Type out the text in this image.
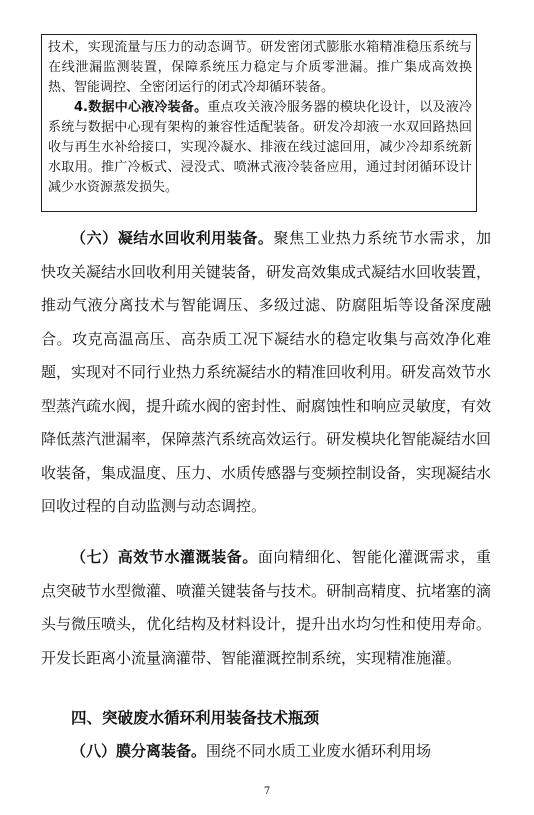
技术，实现流量与压力的动态调节。研发密闭式膨胀水箱精准稳压系统与在线泄漏监测装置，保障系统压力稳定与介质零泄漏。推广集成高效换热、智能调控、全密闭运行的闭式冷却循环装备。

4.数据中心液冷装备。重点攻关液冷服务器的模块化设计，以及液冷系统与数据中心现有架构的兼容性适配装备。研发冷却液一水双回路热回收与再生水补给接口，实现冷凝水、排液在线过滤回用，减少冷却系统新水取用。推广冷板式、浸没式、喷淋式液冷装备应用，通过封闭循环设计减少水资源蒸发损失。

（六）凝结水回收利用装备。聚焦工业热力系统节水需求，加快攻关凝结水回收利用关键装备，研发高效集成式凝结水回收装置，推动气液分离技术与智能调压、多级过滤、防腐阻垢等设备深度融合。攻克高温高压、高杂质工况下凝结水的稳定收集与高效净化难题，实现对不同行业热力系统凝结水的精准回收利用。研发高效节水型蒸汽疏水阀，提升疏水阀的密封性、耐腐蚀性和响应灵敏度，有效降低蒸汽泄漏率，保障蒸汽系统高效运行。研发模块化智能凝结水回收装备，集成温度、压力、水质传感器与变频控制设备，实现凝结水回收过程的自动监测与动态调控。

（七）高效节水灌溉装备。面向精细化、智能化灌溉需求，重点突破节水型微灌、喷灌关键装备与技术。研制高精度、抗堵塞的滴头与微压喷头，优化结构及材料设计，提升出水均匀性和使用寿命。开发长距离小流量滴灌带、智能灌溉控制系统，实现精准施灌。

四、突破废水循环利用装备技术瓶颈

（八）膜分离装备。围绕不同水质工业废水循环利用场

7
